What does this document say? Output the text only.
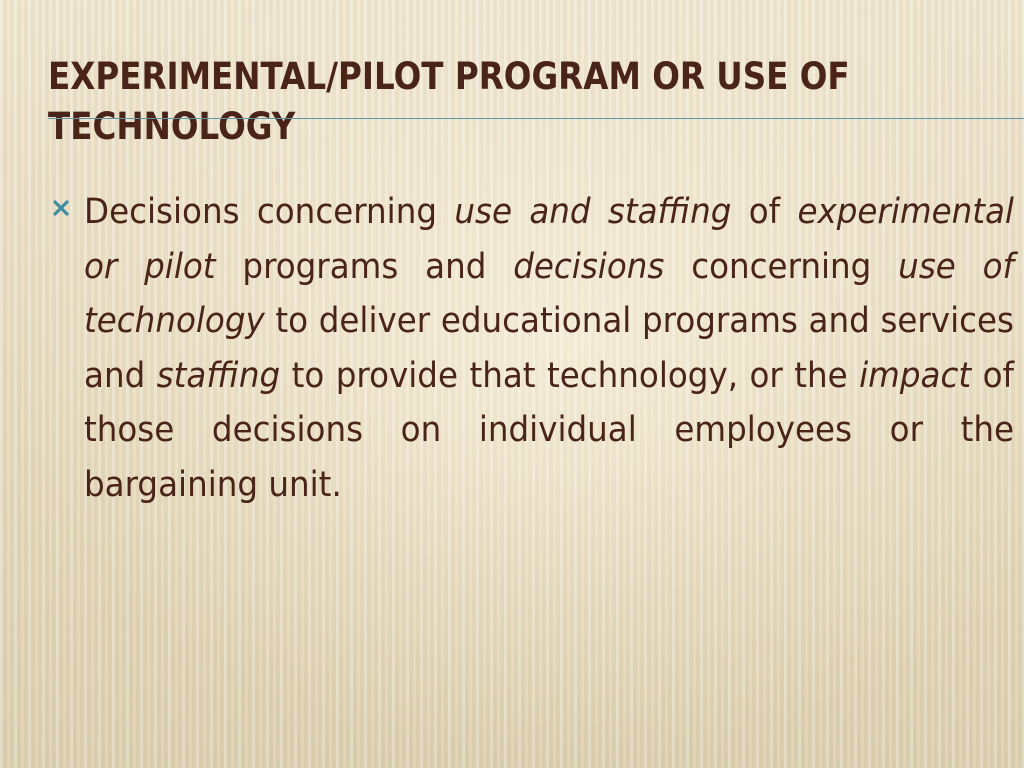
EXPERIMENTAL/PILOT PROGRAM OR USE OF TECHNOLOGY

Decisions concerning use and staffing of experimental or pilot programs and decisions concerning use of technology to deliver educational programs and services and staffing to provide that technology, or the impact of those decisions on individual employees or the bargaining unit.
